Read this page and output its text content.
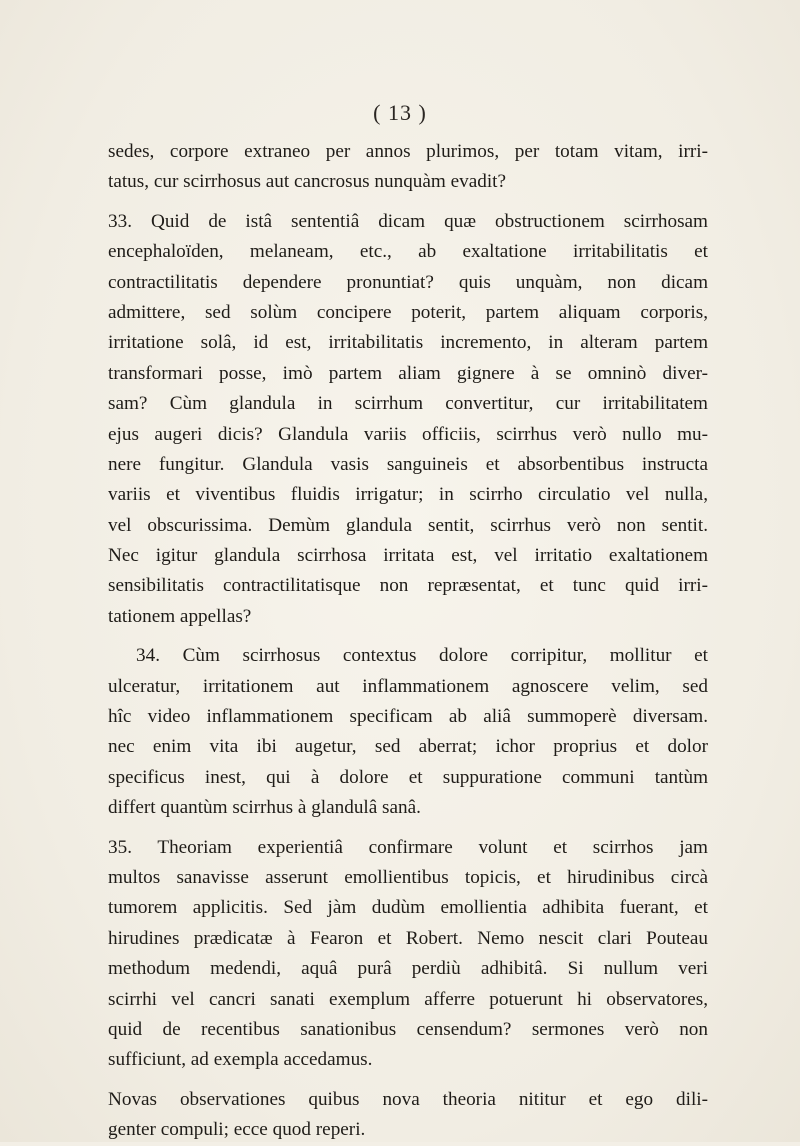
( 13 )
sedes, corpore extraneo per annos plurimos, per totam vitam, irri-
tatus, cur scirrhosus aut cancrosus nunquàm evadit?
33. Quid de istâ sententiâ dicam quæ obstructionem scirrhosam
encephaloïden, melaneam, etc., ab exaltatione irritabilitatis et
contractilitatis dependere pronuntiat? quis unquàm, non dicam
admittere, sed solùm concipere poterit, partem aliquam corporis,
irritatione solâ, id est, irritabilitatis incremento, in alteram partem
transformari posse, imò partem aliam gignere à se omninò diver-
sam? Cùm glandula in scirrhum convertitur, cur irritabilitatem
ejus augeri dicis? Glandula variis officiis, scirrhus verò nullo mu-
nere fungitur. Glandula vasis sanguineis et absorbentibus instructa
variis et viventibus fluidis irrigatur; in scirrho circulatio vel nulla,
vel obscurissima. Demùm glandula sentit, scirrhus verò non sentit.
Nec igitur glandula scirrhosa irritata est, vel irritatio exaltationem
sensibilitatis contractilitatisque non repræsentat, et tunc quid irri-
tationem appellas?
34. Cùm scirrhosus contextus dolore corripitur, mollitur et
ulceratur, irritationem aut inflammationem agnoscere velim, sed
hîc video inflammationem specificam ab aliâ summoperè diversam.
nec enim vita ibi augetur, sed aberrat; ichor proprius et dolor
specificus inest, qui à dolore et suppuratione communi tantùm
differt quantùm scirrhus à glandulâ sanâ.
35. Theoriam experientiâ confirmare volunt et scirrhos jam
multos sanavisse asserunt emollientibus topicis, et hirudinibus circà
tumorem applicitis. Sed jàm dudùm emollientia adhibita fuerant, et
hirudines prædicatæ à Fearon et Robert. Nemo nescit clari Pouteau
methodum medendi, aquâ purâ perdiù adhibitâ. Si nullum veri
scirrhi vel cancri sanati exemplum afferre potuerunt hi observatores,
quid de recentibus sanationibus censendum? sermones verò non
sufficiunt, ad exempla accedamus.
Novas observationes quibus nova theoria nititur et ego dili-
genter compuli; ecce quod reperi.
